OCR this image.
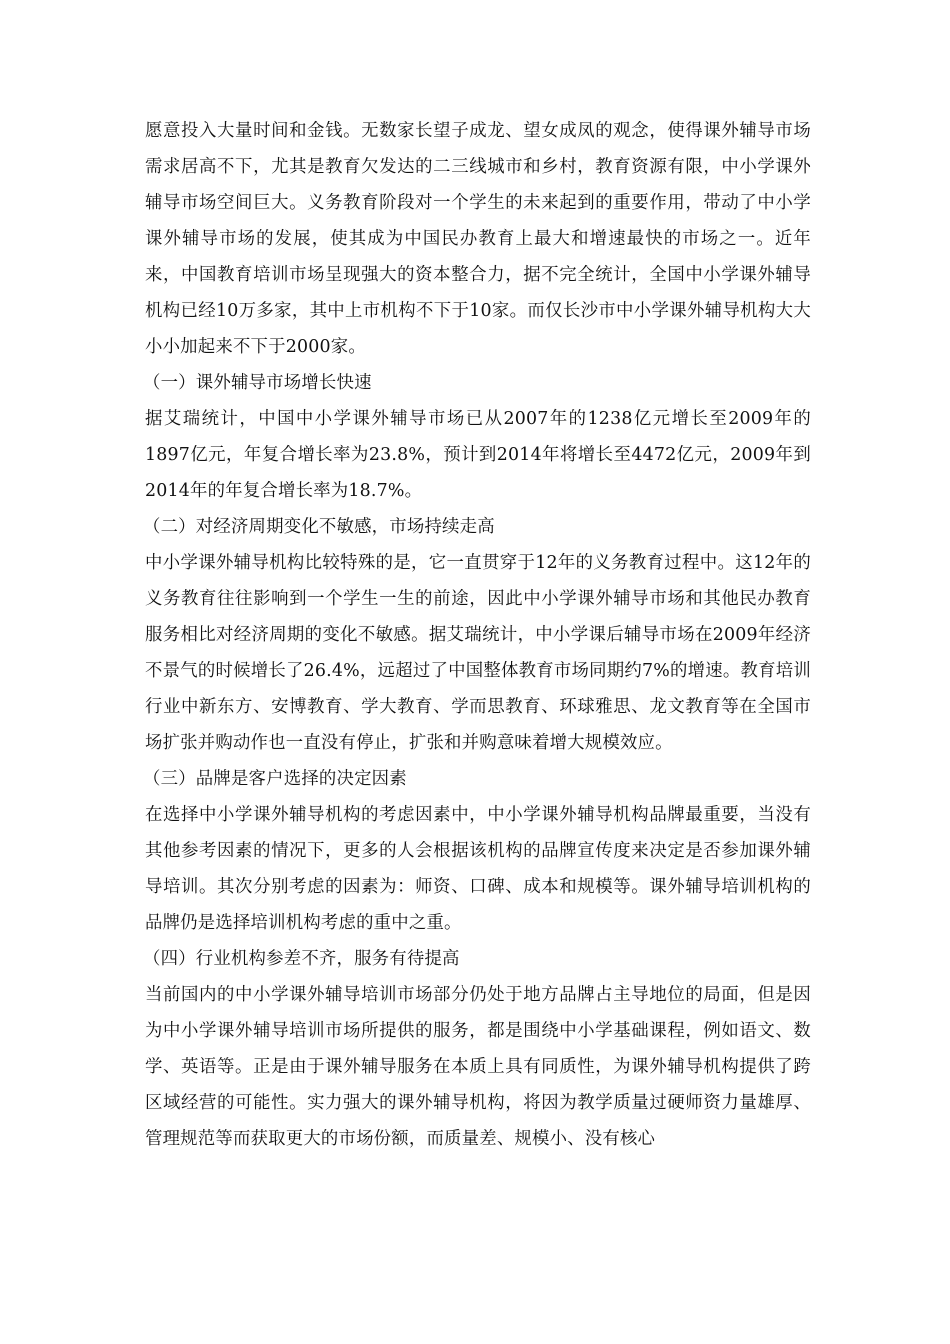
愿意投入大量时间和金钱。无数家长望子成龙、望女成凤的观念，使得课外辅导市场需求居高不下，尤其是教育欠发达的二三线城市和乡村，教育资源有限，中小学课外辅导市场空间巨大。义务教育阶段对一个学生的未来起到的重要作用，带动了中小学课外辅导市场的发展，使其成为中国民办教育上最大和增速最快的市场之一。近年来，中国教育培训市场呈现强大的资本整合力，据不完全统计，全国中小学课外辅导机构已经10万多家，其中上市机构不下于10家。而仅长沙市中小学课外辅导机构大大小小加起来不下于2000家。

（一）课外辅导市场增长快速

据艾瑞统计，中国中小学课外辅导市场已从2007年的1238亿元增长至2009年的1897亿元，年复合增长率为23.8%，预计到2014年将增长至4472亿元，2009年到2014年的年复合增长率为18.7%。

（二）对经济周期变化不敏感，市场持续走高

中小学课外辅导机构比较特殊的是，它一直贯穿于12年的义务教育过程中。这12年的义务教育往往影响到一个学生一生的前途，因此中小学课外辅导市场和其他民办教育服务相比对经济周期的变化不敏感。据艾瑞统计，中小学课后辅导市场在2009年经济不景气的时候增长了26.4%，远超过了中国整体教育市场同期约7%的增速。教育培训行业中新东方、安博教育、学大教育、学而思教育、环球雅思、龙文教育等在全国市场扩张并购动作也一直没有停止，扩张和并购意味着增大规模效应。

（三）品牌是客户选择的决定因素

在选择中小学课外辅导机构的考虑因素中，中小学课外辅导机构品牌最重要，当没有其他参考因素的情况下，更多的人会根据该机构的品牌宣传度来决定是否参加课外辅导培训。其次分别考虑的因素为：师资、口碑、成本和规模等。课外辅导培训机构的品牌仍是选择培训机构考虑的重中之重。

（四）行业机构参差不齐，服务有待提高

当前国内的中小学课外辅导培训市场部分仍处于地方品牌占主导地位的局面，但是因为中小学课外辅导培训市场所提供的服务，都是围绕中小学基础课程，例如语文、数学、英语等。正是由于课外辅导服务在本质上具有同质性，为课外辅导机构提供了跨区域经营的可能性。实力强大的课外辅导机构，将因为教学质量过硬师资力量雄厚、管理规范等而获取更大的市场份额，而质量差、规模小、没有核心
